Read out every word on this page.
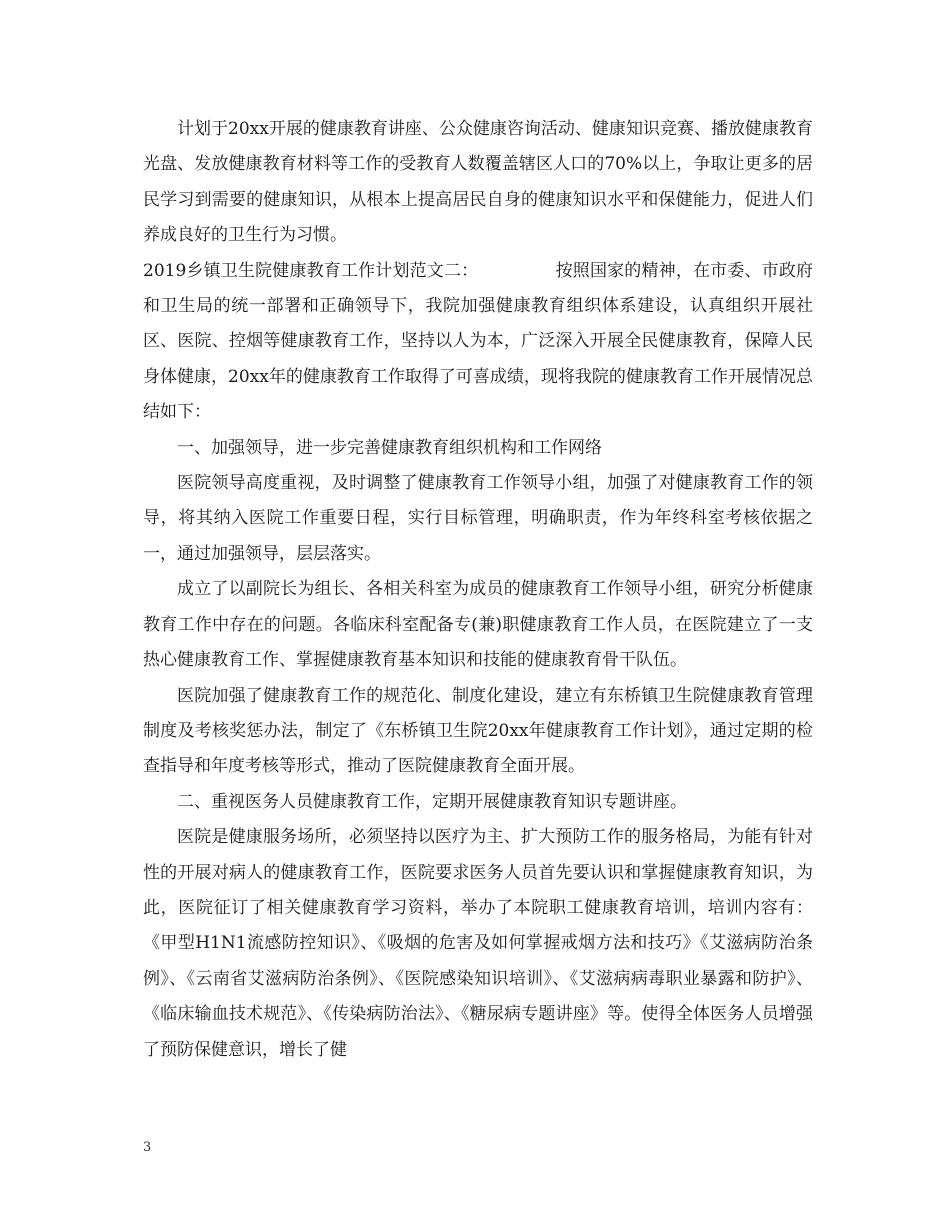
计划于20xx开展的健康教育讲座、公众健康咨询活动、健康知识竞赛、播放健康教育光盘、发放健康教育材料等工作的受教育人数覆盖辖区人口的70%以上，争取让更多的居民学习到需要的健康知识，从根本上提高居民自身的健康知识水平和保健能力，促进人们养成良好的卫生行为习惯。

2019乡镇卫生院健康教育工作计划范文二：　　　　　按照国家的精神，在市委、市政府和卫生局的统一部署和正确领导下，我院加强健康教育组织体系建设，认真组织开展社区、医院、控烟等健康教育工作，坚持以人为本，广泛深入开展全民健康教育，保障人民身体健康，20xx年的健康教育工作取得了可喜成绩，现将我院的健康教育工作开展情况总结如下：

一、加强领导，进一步完善健康教育组织机构和工作网络

医院领导高度重视，及时调整了健康教育工作领导小组，加强了对健康教育工作的领导，将其纳入医院工作重要日程，实行目标管理，明确职责，作为年终科室考核依据之一，通过加强领导，层层落实。

成立了以副院长为组长、各相关科室为成员的健康教育工作领导小组，研究分析健康教育工作中存在的问题。各临床科室配备专(兼)职健康教育工作人员，在医院建立了一支热心健康教育工作、掌握健康教育基本知识和技能的健康教育骨干队伍。

医院加强了健康教育工作的规范化、制度化建设，建立有东桥镇卫生院健康教育管理制度及考核奖惩办法，制定了《东桥镇卫生院20xx年健康教育工作计划》，通过定期的检查指导和年度考核等形式，推动了医院健康教育全面开展。

二、重视医务人员健康教育工作，定期开展健康教育知识专题讲座。

医院是健康服务场所，必须坚持以医疗为主、扩大预防工作的服务格局，为能有针对性的开展对病人的健康教育工作，医院要求医务人员首先要认识和掌握健康教育知识，为此，医院征订了相关健康教育学习资料，举办了本院职工健康教育培训，培训内容有：《甲型H1N1流感防控知识》、《吸烟的危害及如何掌握戒烟方法和技巧》《艾滋病防治条例》、《云南省艾滋病防治条例》、《医院感染知识培训》、《艾滋病病毒职业暴露和防护》、《临床输血技术规范》、《传染病防治法》、《糖尿病专题讲座》等。使得全体医务人员增强了预防保健意识，增长了健

3
